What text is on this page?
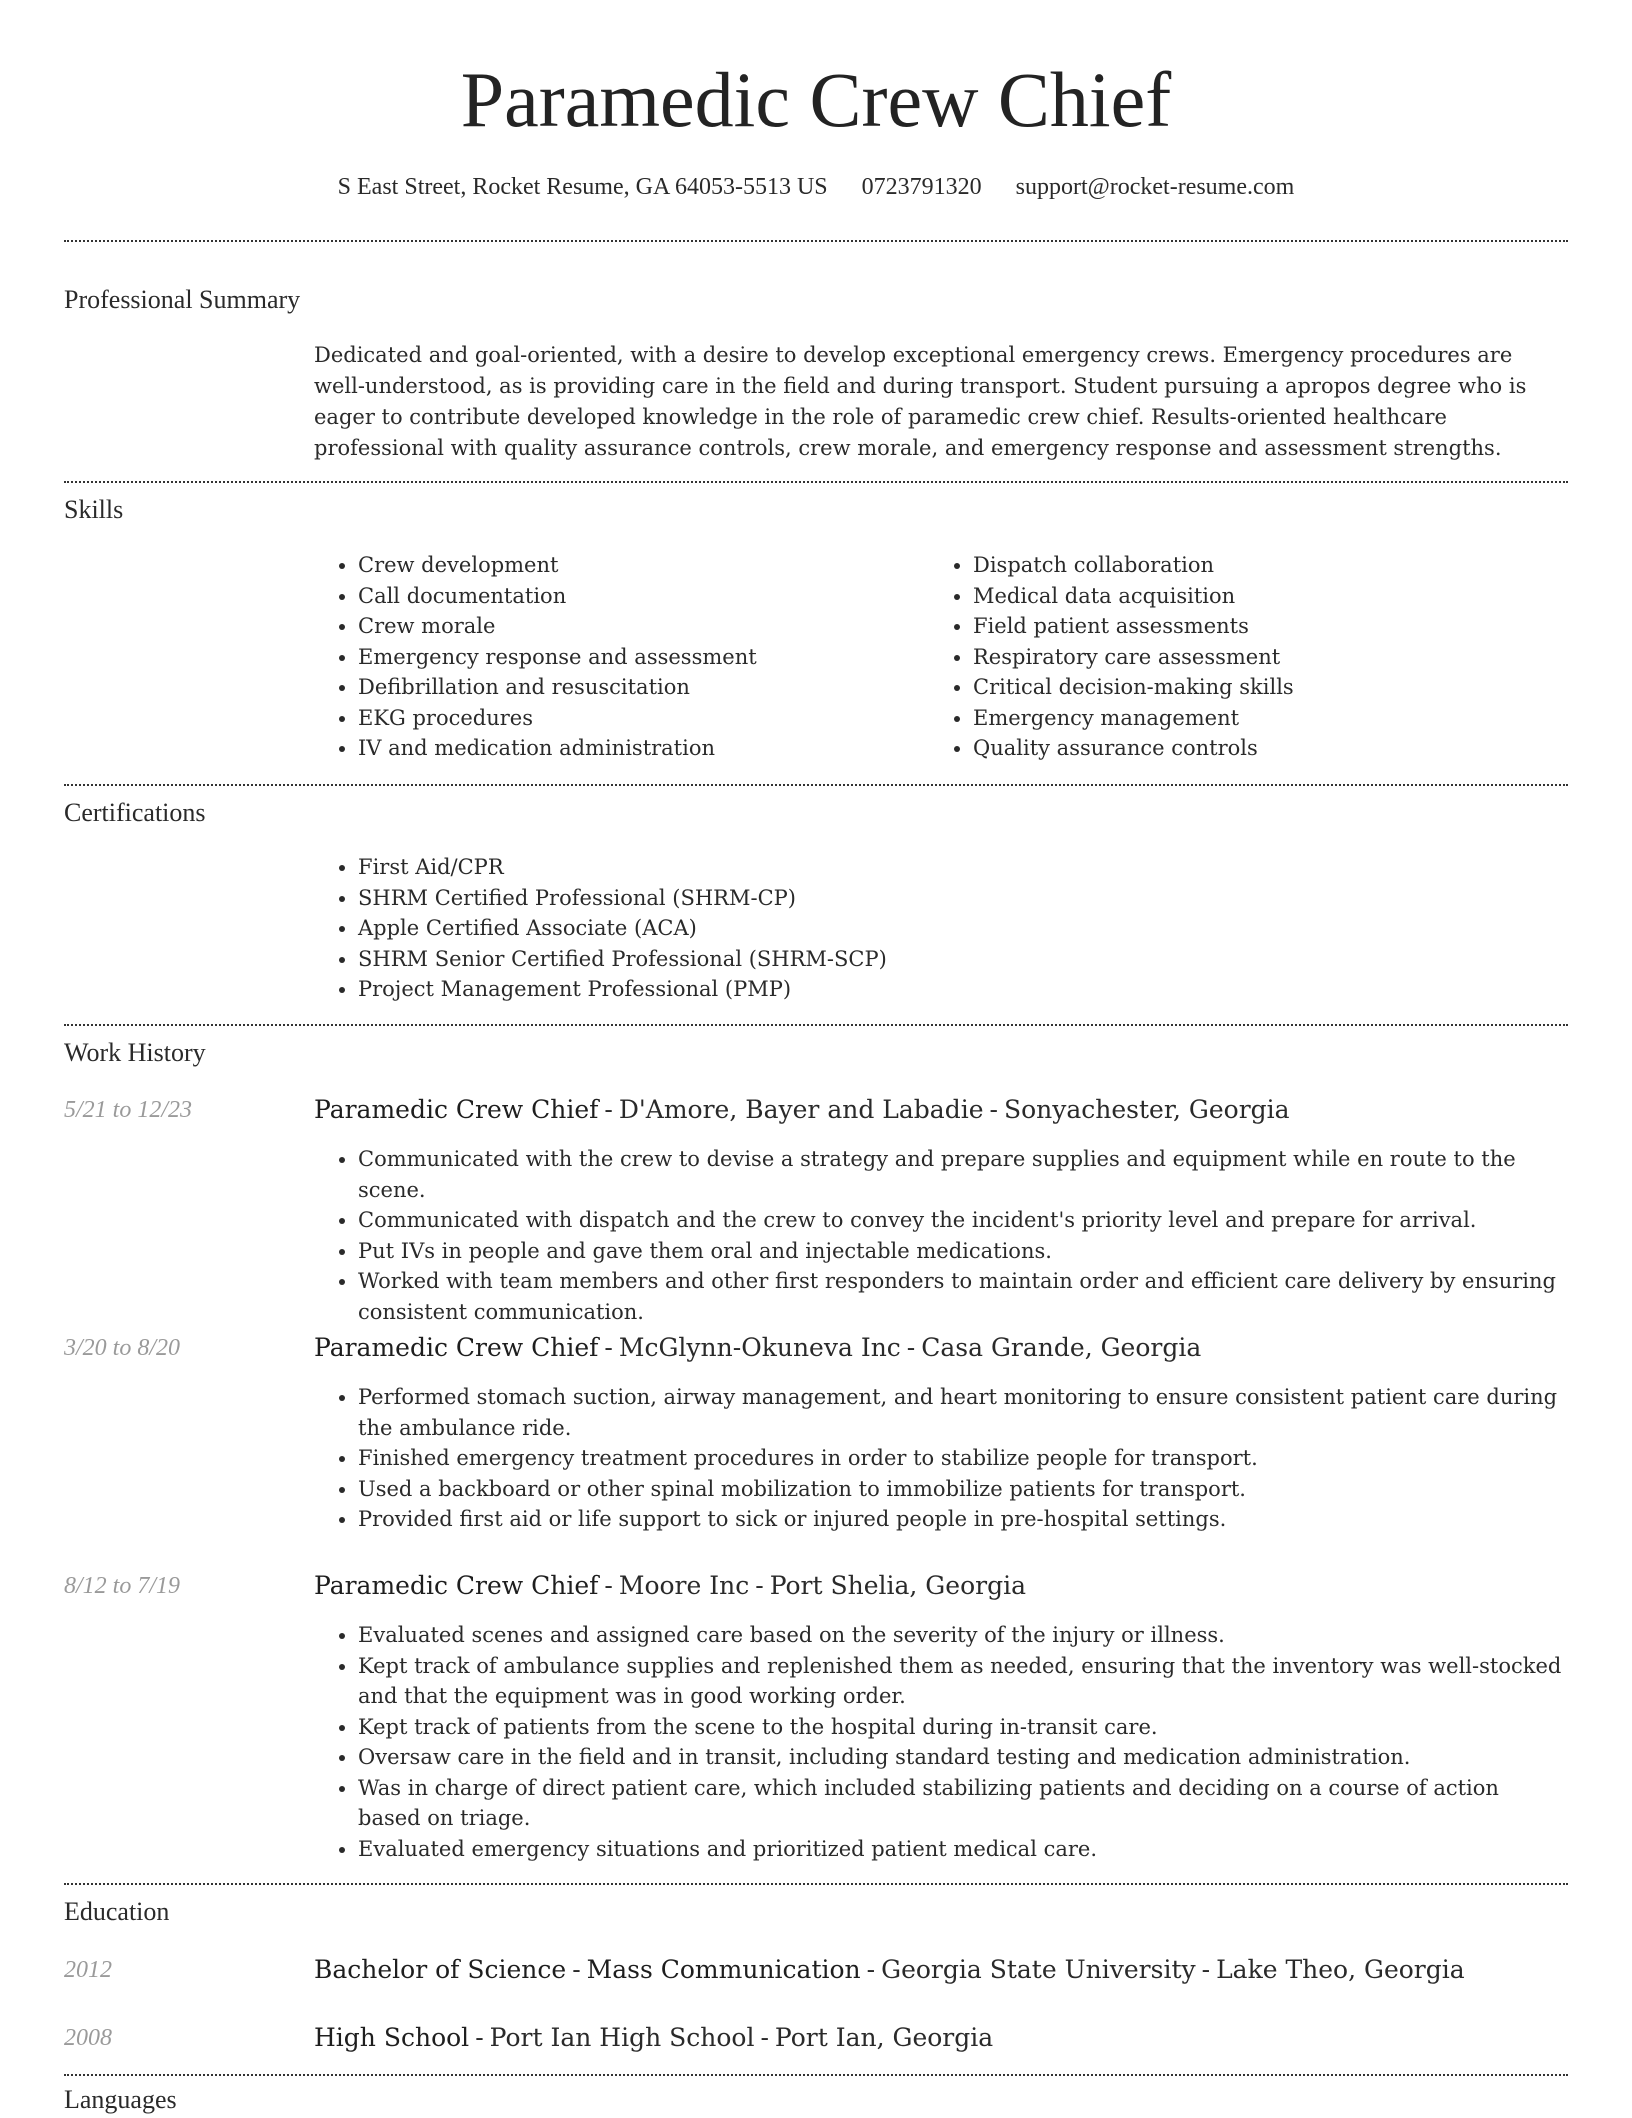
Paramedic Crew Chief
S East Street, Rocket Resume, GA 64053-5513 US 0723791320 support@rocket-resume.com
Professional Summary

Dedicated and goal-oriented, with a desire to develop exceptional emergency crews. Emergency procedures are well-understood, as is providing care in the field and during transport. Student pursuing a apropos degree who is eager to contribute developed knowledge in the role of paramedic crew chief. Results-oriented healthcare professional with quality assurance controls, crew morale, and emergency response and assessment strengths.

Skills
• Crew development
• Call documentation
• Crew morale
• Emergency response and assessment
• Defibrillation and resuscitation
• EKG procedures
• IV and medication administration
• Dispatch collaboration
• Medical data acquisition
• Field patient assessments
• Respiratory care assessment
• Critical decision-making skills
• Emergency management
• Quality assurance controls
Certifications
• First Aid/CPR
• SHRM Certified Professional (SHRM-CP)
• Apple Certified Associate (ACA)
• SHRM Senior Certified Professional (SHRM-SCP)
• Project Management Professional (PMP)
Work History
5/21 to 12/23	Paramedic Crew Chief - D'Amore, Bayer and Labadie - Sonyachester, Georgia
• Communicated with the crew to devise a strategy and prepare supplies and equipment while en route to the scene.
• Communicated with dispatch and the crew to convey the incident's priority level and prepare for arrival.
• Put IVs in people and gave them oral and injectable medications.
• Worked with team members and other first responders to maintain order and efficient care delivery by ensuring consistent communication.
3/20 to 8/20	Paramedic Crew Chief - McGlynn-Okuneva Inc - Casa Grande, Georgia
• Performed stomach suction, airway management, and heart monitoring to ensure consistent patient care during the ambulance ride.
• Finished emergency treatment procedures in order to stabilize people for transport.
• Used a backboard or other spinal mobilization to immobilize patients for transport.
• Provided first aid or life support to sick or injured people in pre-hospital settings.
8/12 to 7/19	Paramedic Crew Chief - Moore Inc - Port Shelia, Georgia
• Evaluated scenes and assigned care based on the severity of the injury or illness.
• Kept track of ambulance supplies and replenished them as needed, ensuring that the inventory was well-stocked and that the equipment was in good working order.
• Kept track of patients from the scene to the hospital during in-transit care.
• Oversaw care in the field and in transit, including standard testing and medication administration.
• Was in charge of direct patient care, which included stabilizing patients and deciding on a course of action based on triage.
• Evaluated emergency situations and prioritized patient medical care.
Education
2012	Bachelor of Science - Mass Communication - Georgia State University - Lake Theo, Georgia
2008	High School - Port Ian High School - Port Ian, Georgia
Languages
